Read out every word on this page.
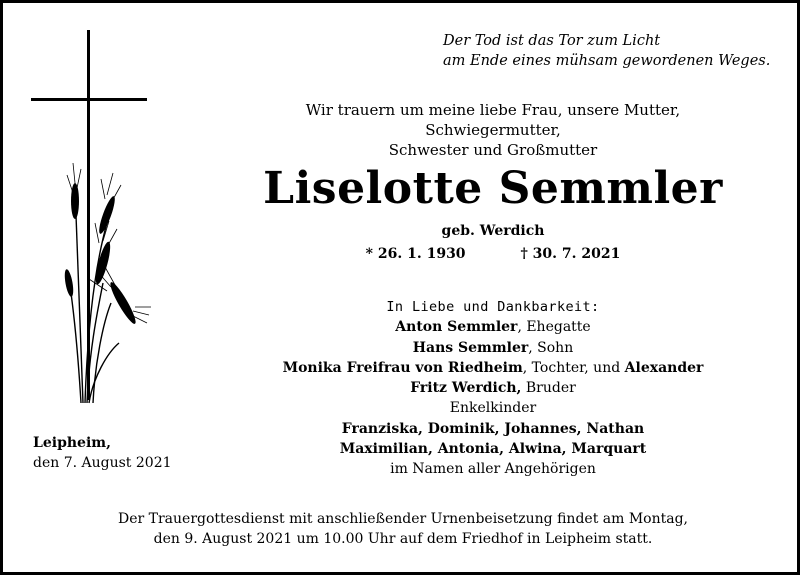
Der Tod ist das Tor zum Licht
am Ende eines mühsam gewordenen Weges.
Wir trauern um meine liebe Frau, unsere Mutter, Schwiegermutter,
Schwester und Großmutter
Liselotte Semmler
geb. Werdich
* 26. 1. 1930	† 30. 7. 2021
In Liebe und Dankbarkeit:
Anton Semmler, Ehegatte
Hans Semmler, Sohn
Monika Freifrau von Riedheim, Tochter, und Alexander
Fritz Werdich, Bruder
Enkelkinder
Franziska, Dominik, Johannes, Nathan
Maximilian, Antonia, Alwina, Marquart
im Namen aller Angehörigen
Leipheim,
den 7. August 2021
Der Trauergottesdienst mit anschließender Urnenbeisetzung findet am Montag,
den 9. August 2021 um 10.00 Uhr auf dem Friedhof in Leipheim statt.
